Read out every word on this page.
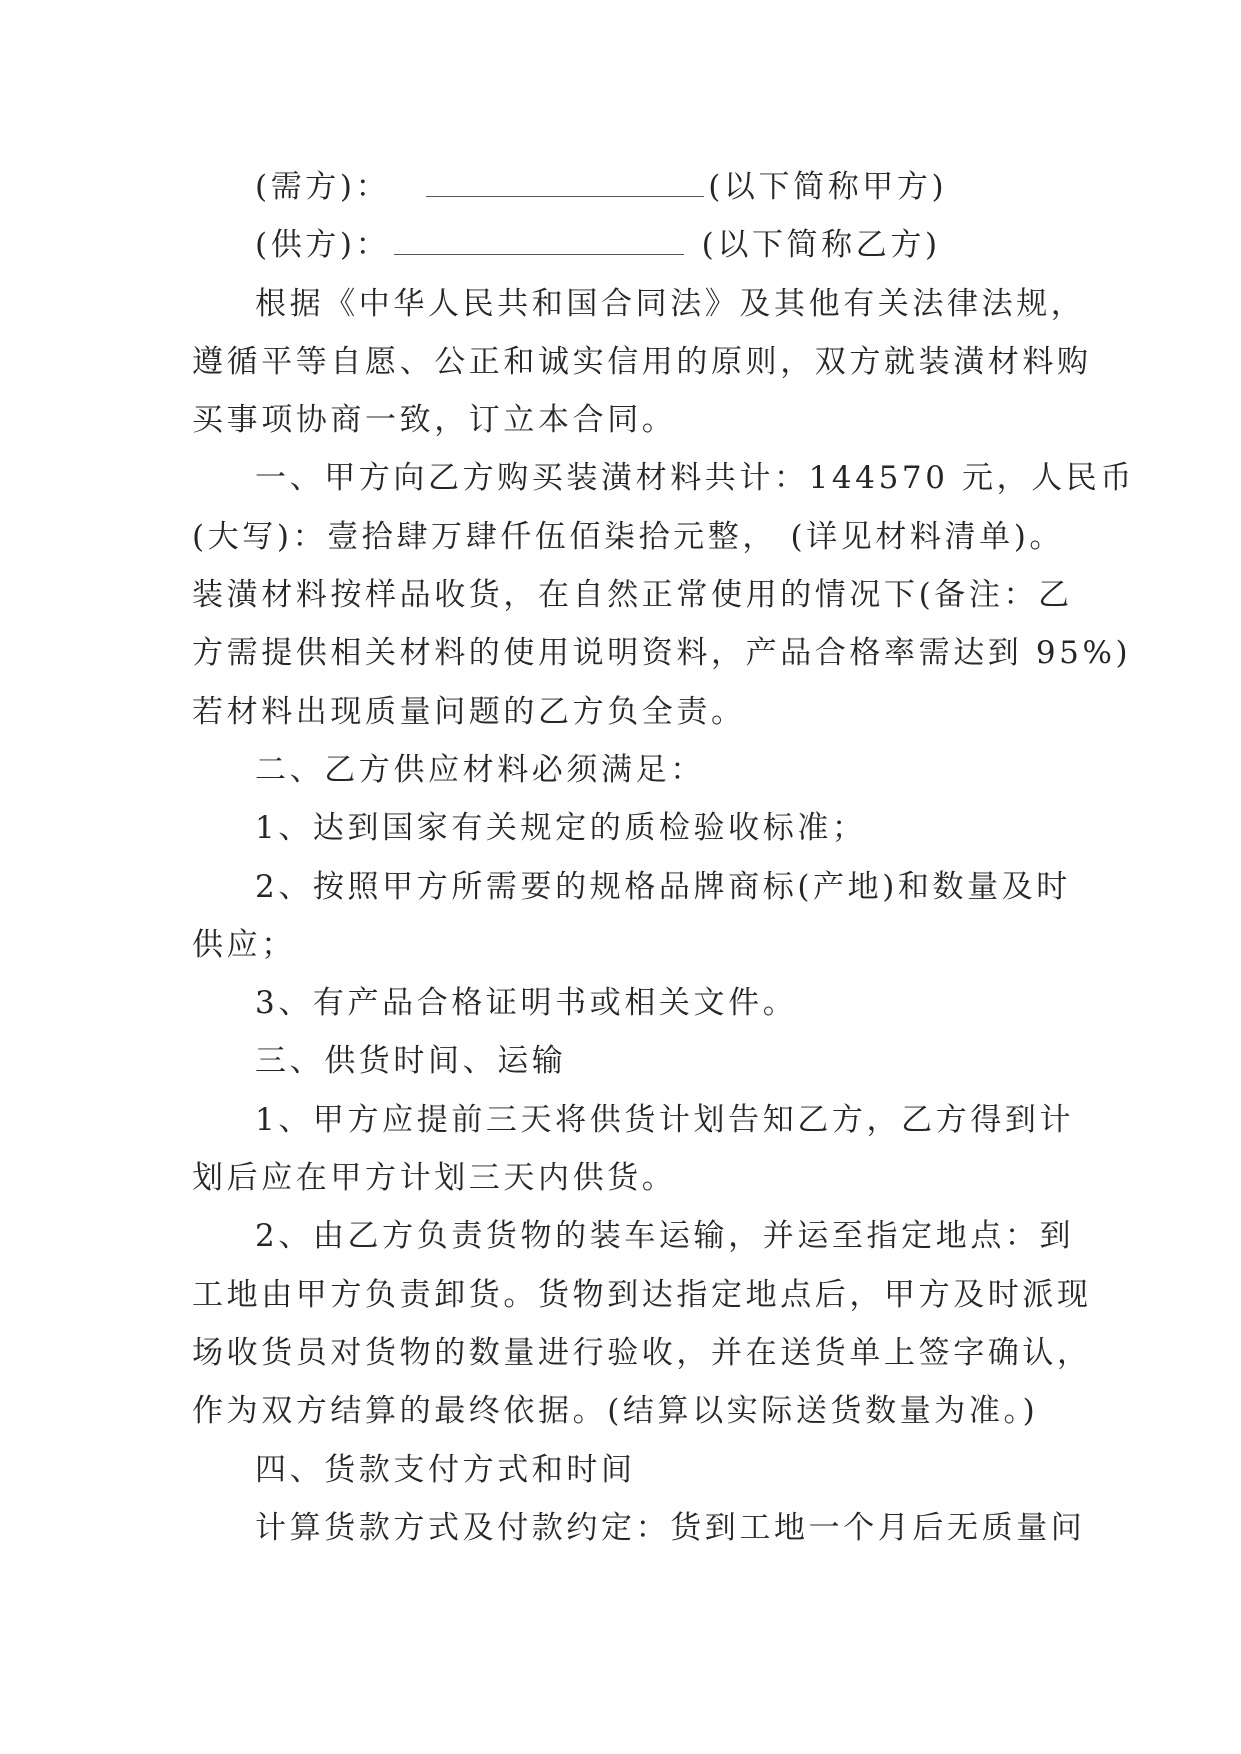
(需方)：	(以下简称甲方)
(供方)：	(以下简称乙方)
根据《中华人民共和国合同法》及其他有关法律法规，
遵循平等自愿、公正和诚实信用的原则，双方就装潢材料购
买事项协商一致，订立本合同。
一、甲方向乙方购买装潢材料共计：144570 元，人民币
(大写)：壹拾肆万肆仟伍佰柒拾元整， (详见材料清单)。
装潢材料按样品收货，在自然正常使用的情况下(备注：乙
方需提供相关材料的使用说明资料，产品合格率需达到 95%)
若材料出现质量问题的乙方负全责。
二、乙方供应材料必须满足：
1、达到国家有关规定的质检验收标准；
2、按照甲方所需要的规格品牌商标(产地)和数量及时
供应；
3、有产品合格证明书或相关文件。
三、供货时间、运输
1、甲方应提前三天将供货计划告知乙方，乙方得到计
划后应在甲方计划三天内供货。
2、由乙方负责货物的装车运输，并运至指定地点：到
工地由甲方负责卸货。货物到达指定地点后，甲方及时派现
场收货员对货物的数量进行验收，并在送货单上签字确认，
作为双方结算的最终依据。(结算以实际送货数量为准。)
四、货款支付方式和时间
计算货款方式及付款约定：货到工地一个月后无质量问
